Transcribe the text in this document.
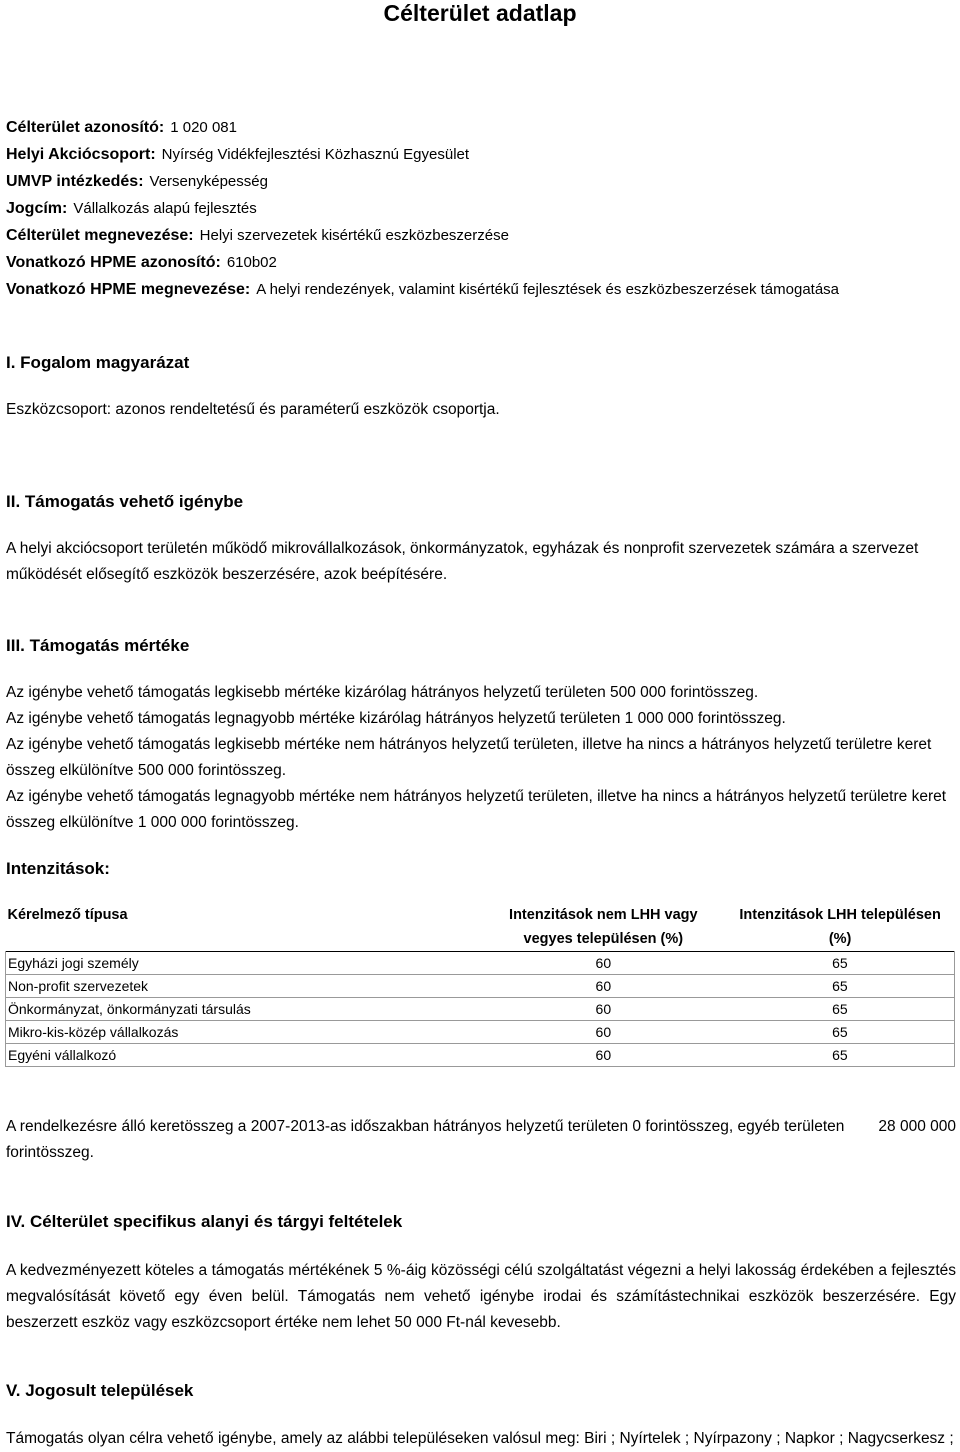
Célterület adatlap
Célterület azonosító: 1 020 081
Helyi Akciócsoport: Nyírség Vidékfejlesztési Közhasznú Egyesület
UMVP intézkedés: Versenyképesség
Jogcím: Vállalkozás alapú fejlesztés
Célterület megnevezése: Helyi szervezetek kisértékű eszközbeszerzése
Vonatkozó HPME azonosító: 610b02
Vonatkozó HPME megnevezése: A helyi rendezények, valamint kisértékű fejlesztések és eszközbeszerzések támogatása
I. Fogalom magyarázat
Eszközcsoport: azonos rendeltetésű és paraméterű eszközök csoportja.
II. Támogatás vehető igénybe
A helyi akciócsoport területén működő mikrovállalkozások, önkormányzatok, egyházak és nonprofit szervezetek számára a szervezet működését elősegítő eszközök beszerzésére, azok beépítésére.
III. Támogatás mértéke
Az igénybe vehető támogatás legkisebb mértéke kizárólag hátrányos helyzetű területen 500 000 forintösszeg.
Az igénybe vehető támogatás legnagyobb mértéke kizárólag hátrányos helyzetű területen 1 000 000 forintösszeg.
Az igénybe vehető támogatás legkisebb mértéke nem hátrányos helyzetű területen, illetve ha nincs a hátrányos helyzetű területre keret összeg elkülönítve 500 000 forintösszeg.
Az igénybe vehető támogatás legnagyobb mértéke nem hátrányos helyzetű területen, illetve ha nincs a hátrányos helyzetű területre keret összeg elkülönítve 1 000 000 forintösszeg.
Intenzitások:
Kérelmező típusa	Intenzitások nem LHH vagy vegyes településen (%)	Intenzitások LHH településen (%)
Egyházi jogi személy	60	65
Non-profit szervezetek	60	65
Önkormányzat, önkormányzati társulás	60	65
Mikro-kis-közép vállalkozás	60	65
Egyéni vállalkozó	60	65
A rendelkezésre álló keretösszeg a 2007-2013-as időszakban hátrányos helyzetű területen 0 forintösszeg, egyéb területen 28 000 000
forintösszeg.
IV. Célterület specifikus alanyi és tárgyi feltételek
A kedvezményezett köteles a támogatás mértékének 5 %-áig közösségi célú szolgáltatást végezni a helyi lakosság érdekében a fejlesztés megvalósítását követő egy éven belül. Támogatás nem vehető igénybe irodai és számítástechnikai eszközök beszerzésére. Egy beszerzett eszköz vagy eszközcsoport értéke nem lehet 50 000 Ft-nál kevesebb.
V. Jogosult települések
Támogatás olyan célra vehető igénybe, amely az alábbi településeken valósul meg: Biri ; Nyírtelek ; Nyírpazony ; Napkor ; Nagycserkesz ;
